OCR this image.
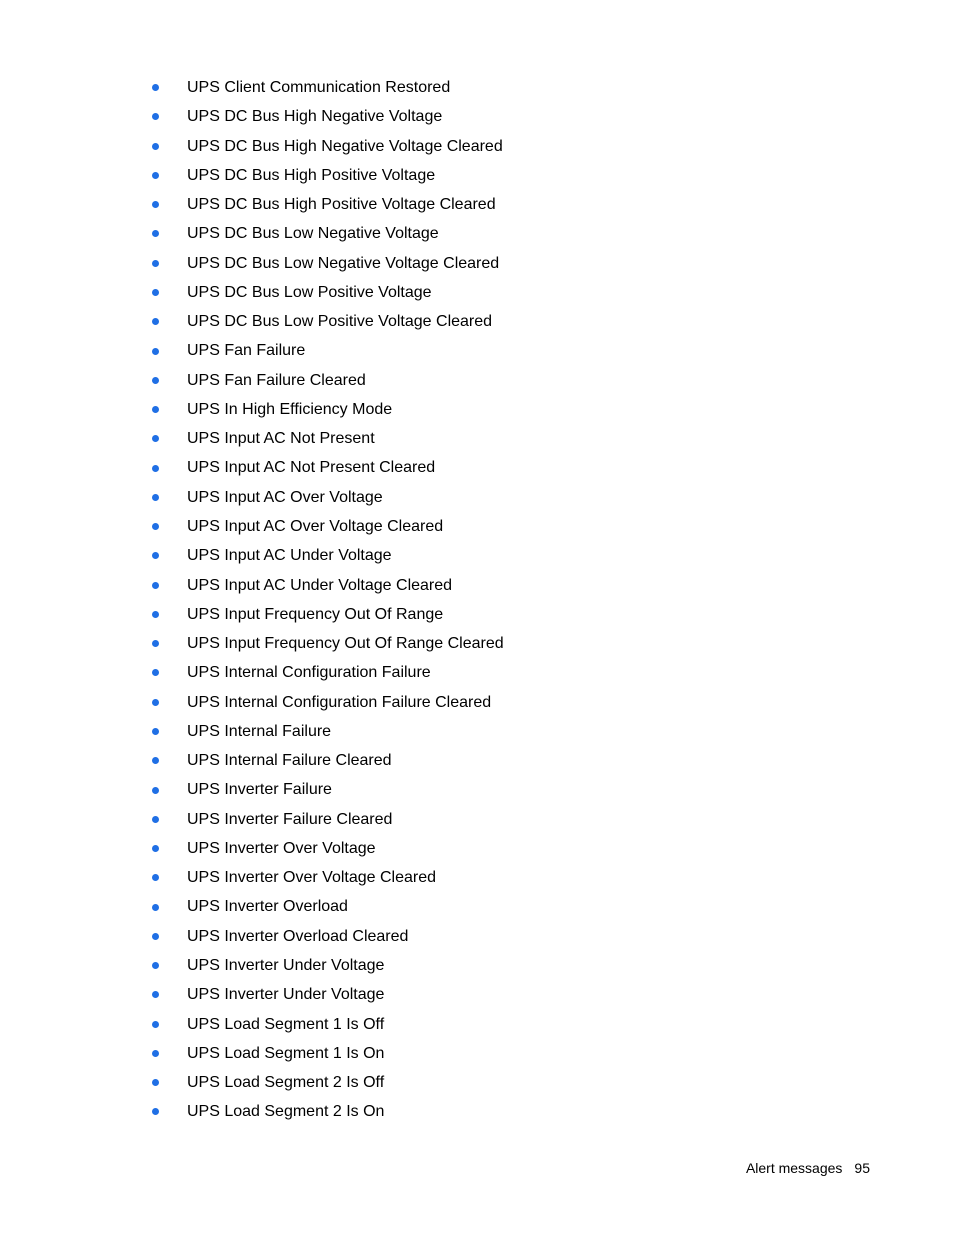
UPS Client Communication Restored
UPS DC Bus High Negative Voltage
UPS DC Bus High Negative Voltage Cleared
UPS DC Bus High Positive Voltage
UPS DC Bus High Positive Voltage Cleared
UPS DC Bus Low Negative Voltage
UPS DC Bus Low Negative Voltage Cleared
UPS DC Bus Low Positive Voltage
UPS DC Bus Low Positive Voltage Cleared
UPS Fan Failure
UPS Fan Failure Cleared
UPS In High Efficiency Mode
UPS Input AC Not Present
UPS Input AC Not Present Cleared
UPS Input AC Over Voltage
UPS Input AC Over Voltage Cleared
UPS Input AC Under Voltage
UPS Input AC Under Voltage Cleared
UPS Input Frequency Out Of Range
UPS Input Frequency Out Of Range Cleared
UPS Internal Configuration Failure
UPS Internal Configuration Failure Cleared
UPS Internal Failure
UPS Internal Failure Cleared
UPS Inverter Failure
UPS Inverter Failure Cleared
UPS Inverter Over Voltage
UPS Inverter Over Voltage Cleared
UPS Inverter Overload
UPS Inverter Overload Cleared
UPS Inverter Under Voltage
UPS Inverter Under Voltage
UPS Load Segment 1 Is Off
UPS Load Segment 1 Is On
UPS Load Segment 2 Is Off
UPS Load Segment 2 Is On
Alert messages 95
